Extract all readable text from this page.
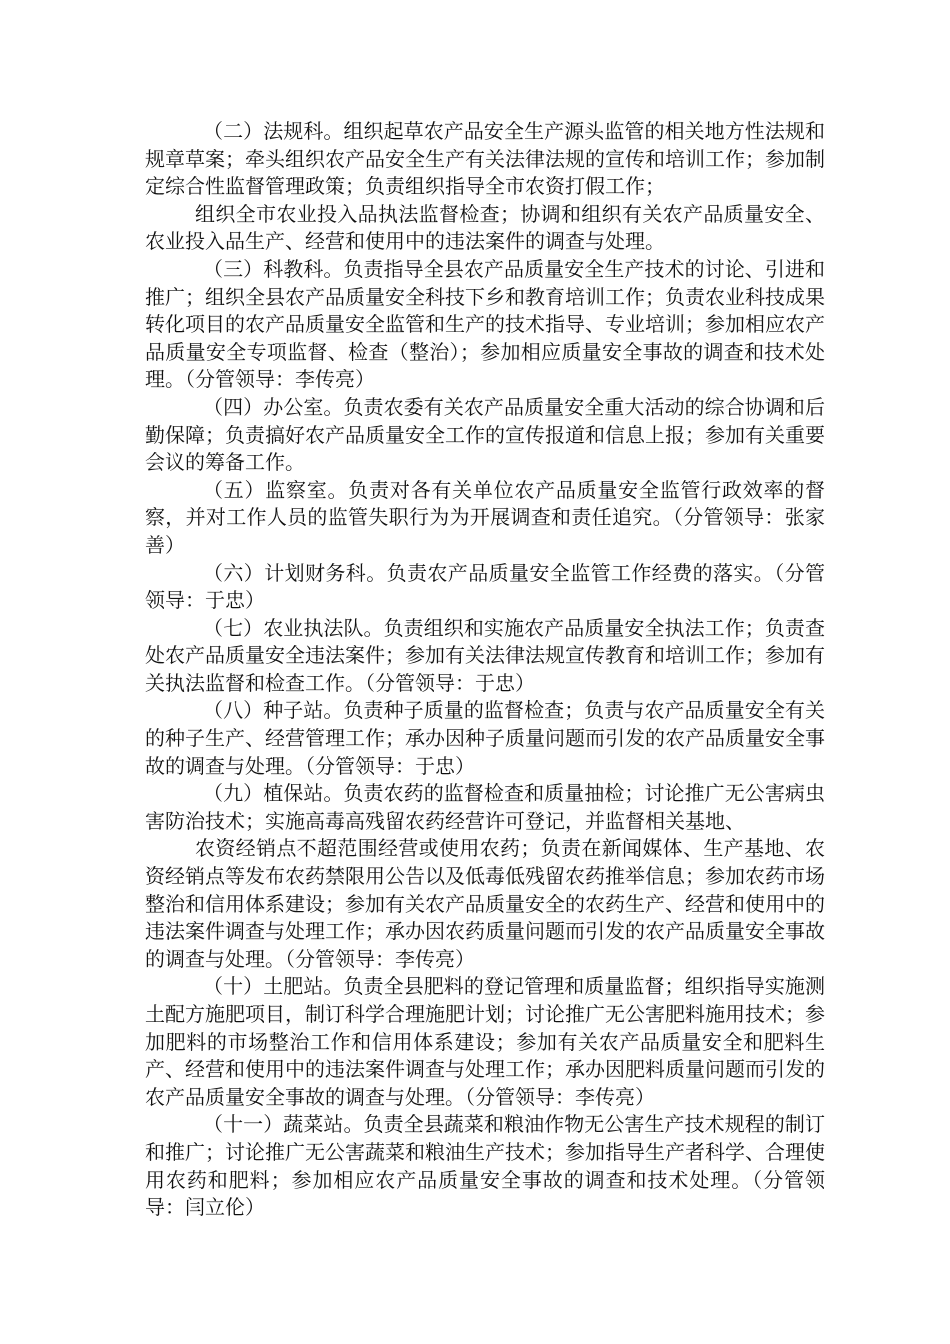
（二）法规科。组织起草农产品安全生产源头监管的相关地方性法规和规章草案；牵头组织农产品安全生产有关法律法规的宣传和培训工作；参加制定综合性监督管理政策；负责组织指导全市农资打假工作；

组织全市农业投入品执法监督检查；协调和组织有关农产品质量安全、农业投入品生产、经营和使用中的违法案件的调查与处理。

（三）科教科。负责指导全县农产品质量安全生产技术的讨论、引进和推广；组织全县农产品质量安全科技下乡和教育培训工作；负责农业科技成果转化项目的农产品质量安全监管和生产的技术指导、专业培训；参加相应农产品质量安全专项监督、检查（整治）；参加相应质量安全事故的调查和技术处理。（分管领导：李传亮）

（四）办公室。负责农委有关农产品质量安全重大活动的综合协调和后勤保障；负责搞好农产品质量安全工作的宣传报道和信息上报；参加有关重要会议的筹备工作。

（五）监察室。负责对各有关单位农产品质量安全监管行政效率的督察，并对工作人员的监管失职行为为开展调查和责任追究。（分管领导：张家善）

（六）计划财务科。负责农产品质量安全监管工作经费的落实。（分管领导：于忠）

（七）农业执法队。负责组织和实施农产品质量安全执法工作；负责查处农产品质量安全违法案件；参加有关法律法规宣传教育和培训工作；参加有关执法监督和检查工作。（分管领导：于忠）

（八）种子站。负责种子质量的监督检查；负责与农产品质量安全有关的种子生产、经营管理工作；承办因种子质量问题而引发的农产品质量安全事故的调查与处理。（分管领导：于忠）

（九）植保站。负责农药的监督检查和质量抽检；讨论推广无公害病虫害防治技术；实施高毒高残留农药经营许可登记，并监督相关基地、

农资经销点不超范围经营或使用农药；负责在新闻媒体、生产基地、农资经销点等发布农药禁限用公告以及低毒低残留农药推举信息；参加农药市场整治和信用体系建设；参加有关农产品质量安全的农药生产、经营和使用中的违法案件调查与处理工作；承办因农药质量问题而引发的农产品质量安全事故的调查与处理。（分管领导：李传亮）

（十）土肥站。负责全县肥料的登记管理和质量监督；组织指导实施测土配方施肥项目，制订科学合理施肥计划；讨论推广无公害肥料施用技术；参加肥料的市场整治工作和信用体系建设；参加有关农产品质量安全和肥料生产、经营和使用中的违法案件调查与处理工作；承办因肥料质量问题而引发的农产品质量安全事故的调查与处理。（分管领导：李传亮）

（十一）蔬菜站。负责全县蔬菜和粮油作物无公害生产技术规程的制订和推广；讨论推广无公害蔬菜和粮油生产技术；参加指导生产者科学、合理使用农药和肥料；参加相应农产品质量安全事故的调查和技术处理。（分管领导：闫立伦）
